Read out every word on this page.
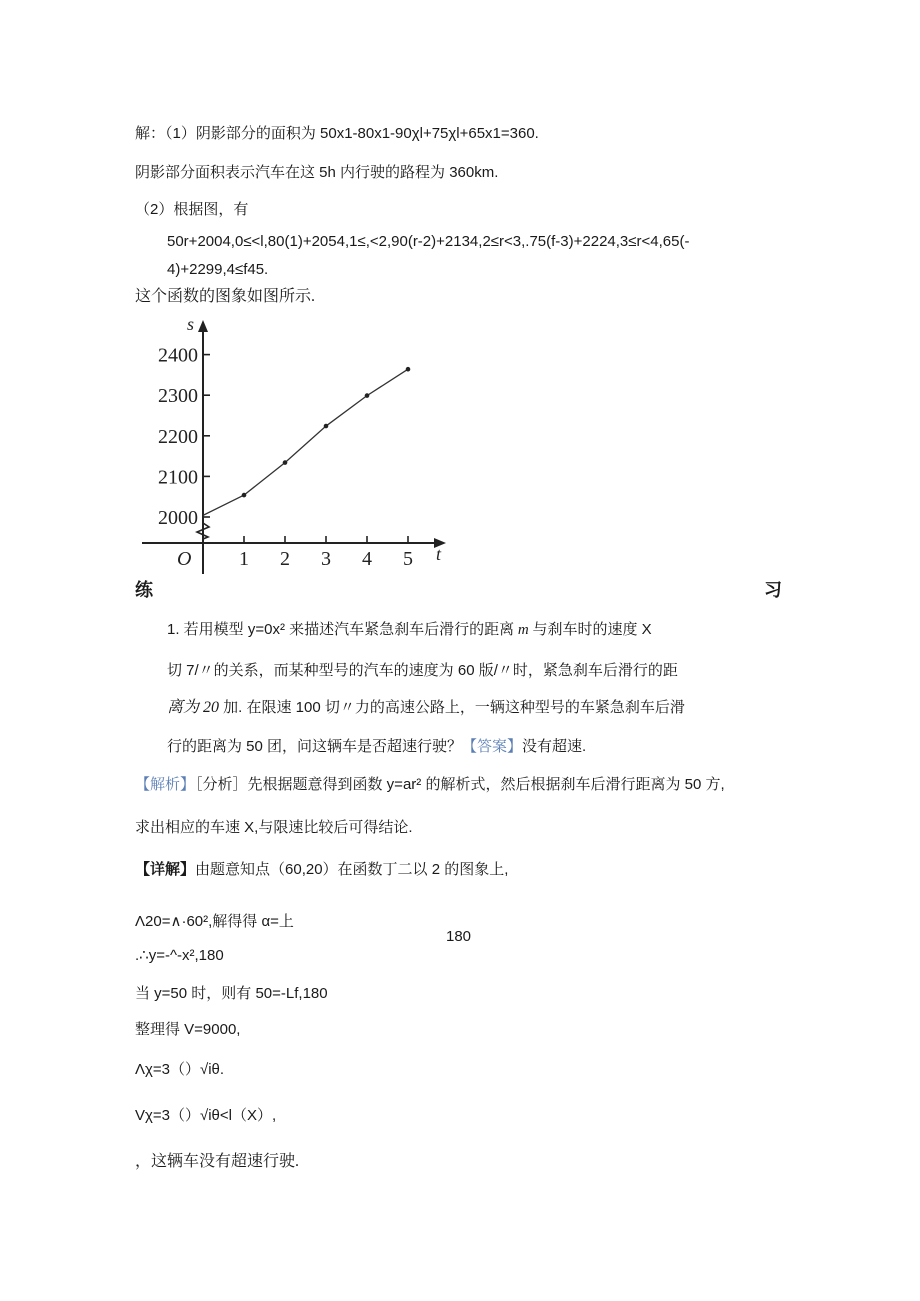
解：（1）阴影部分的面积为 50x1-80x1-90χl+75χl+65x1=360.
阴影部分面积表示汽车在这 5h 内行驶的路程为 360km.
（2）根据图，有
50r+2004,0≤<l,80(1)+2054,1≤,<2,90(r-2)+2134,2≤r<3,.75(f-3)+2224,3≤r<4,65(-
4)+2299,4≤f45.
这个函数的图象如图所示.
s
t
O
2000
2100
2200
2300
2400
1 2 3 4 5
练	习
1. 若用模型 y=0x² 来描述汽车紧急刹车后滑行的距离 m 与刹车时的速度 X
切 7/〃的关系，而某种型号的汽车的速度为 60 版/〃时，紧急刹车后滑行的距
离为 20 加. 在限速 100 切〃力的高速公路上，一辆这种型号的车紧急刹车后滑
行的距离为 50 团，问这辆车是否超速行驶？【答案】没有超速.
【解析】［分析］先根据题意得到函数 y=ar² 的解析式，然后根据刹车后滑行距离为 50 方,
求出相应的车速 X,与限速比较后可得结论.
【详解】由题意知点（60,20）在函数丁二以 2 的图象上,
Λ20=∧·60²,解得得 α=上
180
.∴y=-^-x²,180
当 y=50 时，则有 50=-Lf,180
整理得 V=9000,
Λχ=3（）√iθ.
Vχ=3（）√iθ<l（X）,
，这辆车没有超速行驶.
